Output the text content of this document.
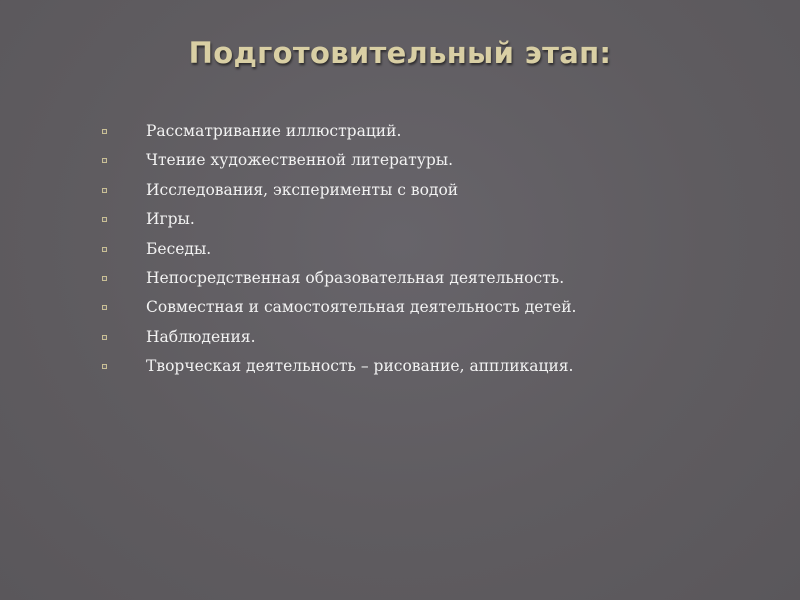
Подготовительный этап:
Рассматривание иллюстраций.
Чтение художественной литературы.
Исследования, эксперименты с водой
Игры.
Беседы.
Непосредственная образовательная деятельность.
Совместная и самостоятельная деятельность детей.
Наблюдения.
Творческая деятельность – рисование, аппликация.
